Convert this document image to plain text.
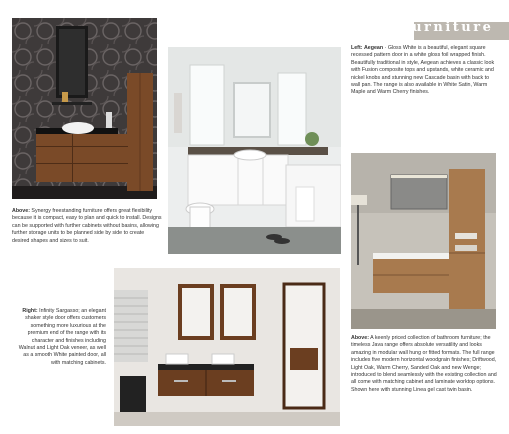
furniture
Left: Aegean · Gloss White is a beautiful, elegant square recessed pattern door in a white gloss foil wrapped finish. Beautifully traditional in style, Aegean achieves a classic look with Fusion composite tops and upstands, white ceramic and nickel knobs and stunning new Cascade basin with back to wall pan. The range is also available in White Satin, Warm Maple and Warm Cherry finishes.
Above: Synergy freestanding furniture offers great flexibility because it is compact, easy to plan and quick to install. Designs can be supported with further cabinets without basins, allowing further storage units to be planned side by side to create desired shapes and sizes to suit.
Right: Infinity Sargasso; an elegant shaker style door offers customers something more luxurious at the premium end of the range with its character and finishes including Walnut and Light Oak veneer, as well as a smooth White painted door, all with matching cabinets.
Above: A keenly priced collection of bathroom furniture; the timeless Java range offers absolute versatility and looks amazing in modular wall hung or fitted formats. The full range includes five modern horizontal woodgrain finishes; Driftwood, Light Oak, Warm Cherry, Sanded Oak and new Wenge; introduced to blend seamlessly with the existing collection and all come with matching cabinet and laminate worktop options. Shown here with stunning Linea gel cast twin basin.
